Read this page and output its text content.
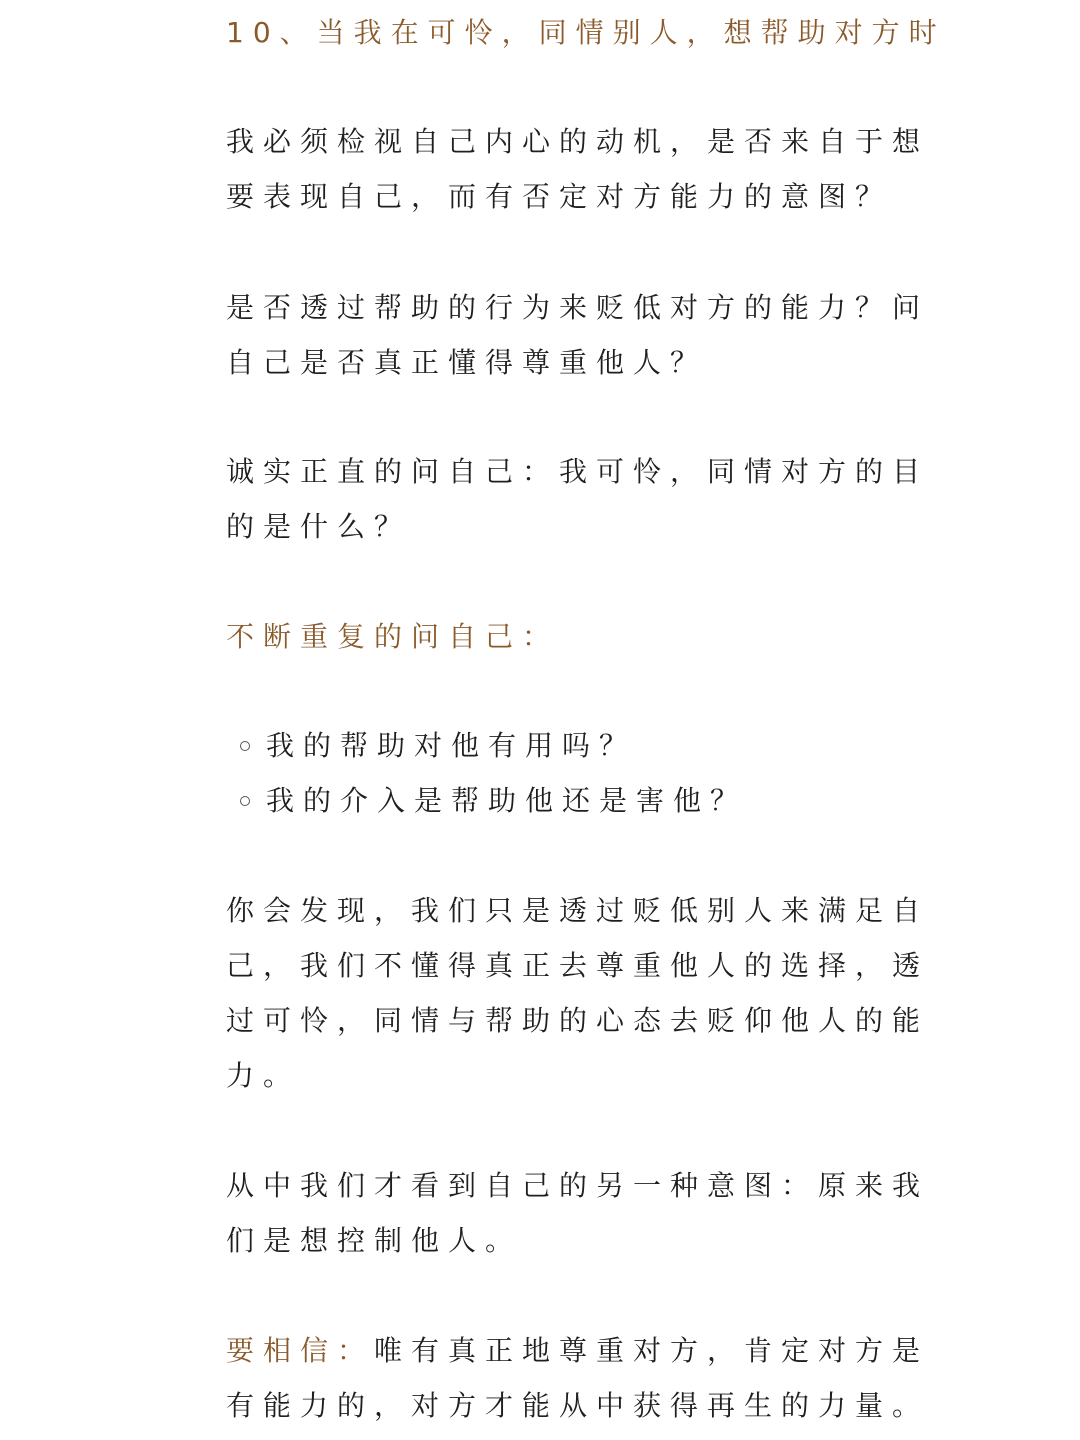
10、当我在可怜，同情别人，想帮助对方时
我必须检视自己内心的动机，是否来自于想
要表现自己，而有否定对方能力的意图？
是否透过帮助的行为来贬低对方的能力？问
自己是否真正懂得尊重他人？
诚实正直的问自己：我可怜，同情对方的目
的是什么？
不断重复的问自己：
我的帮助对他有用吗？
我的介入是帮助他还是害他？
你会发现，我们只是透过贬低别人来满足自
己，我们不懂得真正去尊重他人的选择，透
过可怜，同情与帮助的心态去贬仰他人的能
力。
从中我们才看到自己的另一种意图：原来我
们是想控制他人。
要相信：唯有真正地尊重对方，肯定对方是
有能力的，对方才能从中获得再生的力量。
